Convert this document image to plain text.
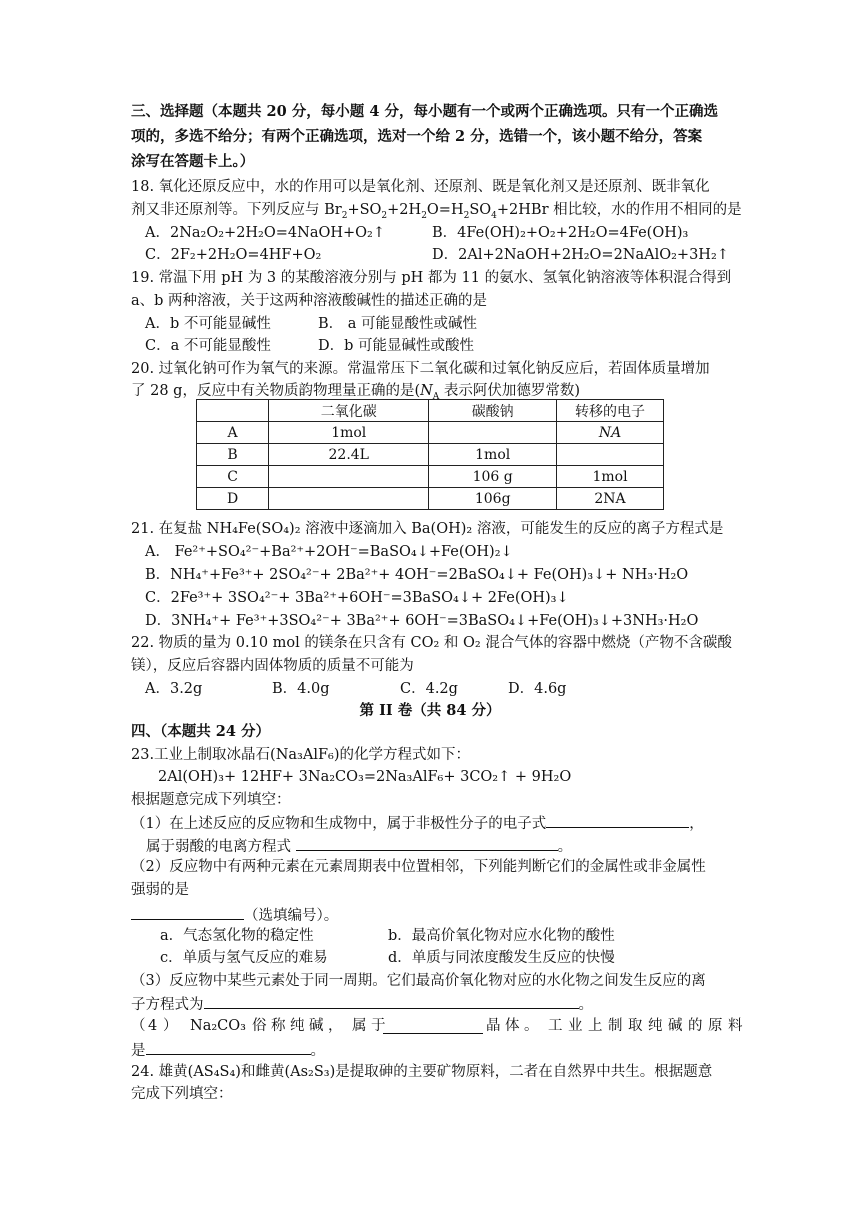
三、选择题（本题共 20 分，每小题 4 分，每小题有一个或两个正确选项。只有一个正确选
项的，多选不给分；有两个正确选项，选对一个给 2 分，选错一个，该小题不给分，答案
涂写在答题卡上。）
18. 氧化还原反应中，水的作用可以是氧化剂、还原剂、既是氧化剂又是还原剂、既非氧化
剂又非还原剂等。下列反应与 $Br_2+SO_2+2H_2O=H_2SO_4+2HBr$ 相比较，水的作用不相同的是
A．2Na₂O₂+2H₂O=4NaOH+O₂↑	B．4Fe(OH)₂+O₂+2H₂O=4Fe(OH)₃
C．2F₂+2H₂O=4HF+O₂	D．2Al+2NaOH+2H₂O=2NaAlO₂+3H₂↑
19. 常温下用 pH 为 3 的某酸溶液分别与 pH 都为 11 的氨水、氢氧化钠溶液等体积混合得到
a、b 两种溶液，关于这两种溶液酸碱性的描述正确的是
A．b 不可能显碱性	B． a 可能显酸性或碱性
C．a 不可能显酸性	D．b 可能显碱性或酸性
20. 过氧化钠可作为氧气的来源。常温常压下二氧化碳和过氧化钠反应后，若固体质量增加
了 28 g，反应中有关物质韵物理量正确的是($N_A$ 表示阿伏加德罗常数)
	二氧化碳	碳酸钠	转移的电子
A	1mol		NA
B	22.4L	1mol	
C		106 g	1mol
D		106g	2NA
21. 在复盐 NH₄Fe(SO₄)₂ 溶液中逐滴加入 Ba(OH)₂ 溶液，可能发生的反应的离子方程式是
A． Fe²⁺+SO₄²⁻+Ba²⁺+2OH⁻=BaSO₄↓+Fe(OH)₂↓
B．NH₄⁺+Fe³⁺+ 2SO₄²⁻+ 2Ba²⁺+ 4OH⁻=2BaSO₄↓+ Fe(OH)₃↓+ NH₃·H₂O
C．2Fe³⁺+ 3SO₄²⁻+ 3Ba²⁺+6OH⁻=3BaSO₄↓+ 2Fe(OH)₃↓
D．3NH₄⁺+ Fe³⁺+3SO₄²⁻+ 3Ba²⁺+ 6OH⁻=3BaSO₄↓+Fe(OH)₃↓+3NH₃·H₂O
22. 物质的量为 0.10 mol 的镁条在只含有 CO₂ 和 O₂ 混合气体的容器中燃烧（产物不含碳酸
镁），反应后容器内固体物质的质量不可能为
A．3.2g	B．4.0g	C．4.2g	D．4.6g
第 II 卷（共 84 分）
四、（本题共 24 分）
23.工业上制取冰晶石(Na₃AlF₆)的化学方程式如下：
2Al(OH)₃+ 12HF+ 3Na₂CO₃=2Na₃AlF₆+ 3CO₂↑ + 9H₂O
根据题意完成下列填空：
（1）在上述反应的反应物和生成物中，属于非极性分子的电子式	，
属于弱酸的电离方程式	。
（2）反应物中有两种元素在元素周期表中位置相邻，下列能判断它们的金属性或非金属性
强弱的是
（选填编号）。
a．气态氢化物的稳定性	b．最高价氧化物对应水化物的酸性
c．单质与氢气反应的难易	d．单质与同浓度酸发生反应的快慢
（3）反应物中某些元素处于同一周期。它们最高价氧化物对应的水化物之间发生反应的离
子方程式为	。
（ 4 ） Na₂CO₃ 俗 称 纯 碱 ， 属 于	晶 体 。 工 业 上 制 取 纯 碱 的 原 料
是	。
24. 雄黄(AS₄S₄)和雌黄(As₂S₃)是提取砷的主要矿物原料，二者在自然界中共生。根据题意
完成下列填空：
